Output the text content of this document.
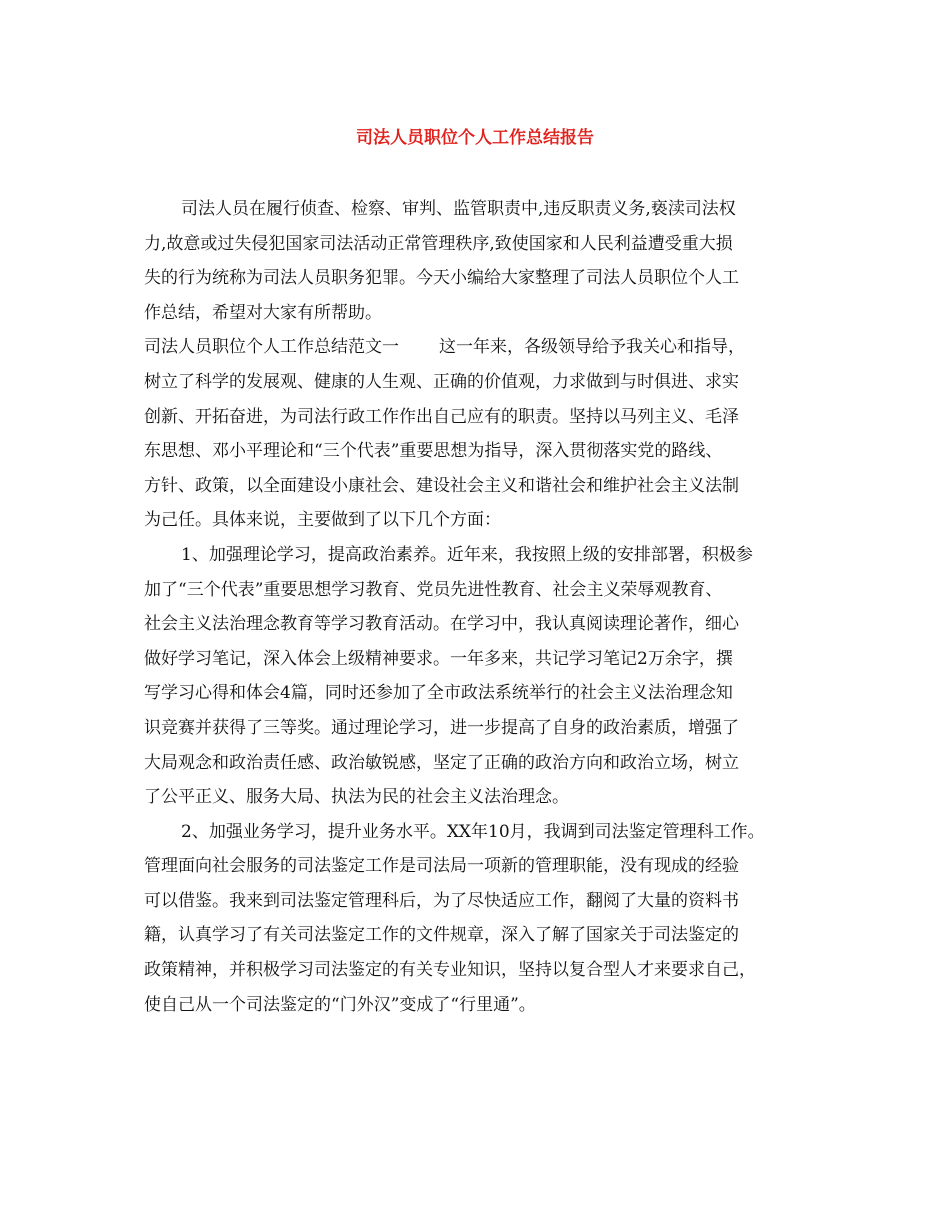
司法人员职位个人工作总结报告
司法人员在履行侦查、检察、审判、监管职责中,违反职责义务,亵渎司法权
力,故意或过失侵犯国家司法活动正常管理秩序,致使国家和人民利益遭受重大损
失的行为统称为司法人员职务犯罪。今天小编给大家整理了司法人员职位个人工
作总结，希望对大家有所帮助。
司法人员职位个人工作总结范文一 这一年来，各级领导给予我关心和指导，
树立了科学的发展观、健康的人生观、正确的价值观，力求做到与时俱进、求实
创新、开拓奋进，为司法行政工作作出自己应有的职责。坚持以马列主义、毛泽
东思想、邓小平理论和“三个代表”重要思想为指导，深入贯彻落实党的路线、
方针、政策，以全面建设小康社会、建设社会主义和谐社会和维护社会主义法制
为己任。具体来说，主要做到了以下几个方面：
1、加强理论学习，提高政治素养。近年来，我按照上级的安排部署，积极参
加了“三个代表”重要思想学习教育、党员先进性教育、社会主义荣辱观教育、
社会主义法治理念教育等学习教育活动。在学习中，我认真阅读理论著作，细心
做好学习笔记，深入体会上级精神要求。一年多来，共记学习笔记2万余字，撰
写学习心得和体会4篇，同时还参加了全市政法系统举行的社会主义法治理念知
识竞赛并获得了三等奖。通过理论学习，进一步提高了自身的政治素质，增强了
大局观念和政治责任感、政治敏锐感，坚定了正确的政治方向和政治立场，树立
了公平正义、服务大局、执法为民的社会主义法治理念。
2、加强业务学习，提升业务水平。XX年10月，我调到司法鉴定管理科工作。
管理面向社会服务的司法鉴定工作是司法局一项新的管理职能，没有现成的经验
可以借鉴。我来到司法鉴定管理科后，为了尽快适应工作，翻阅了大量的资料书
籍，认真学习了有关司法鉴定工作的文件规章，深入了解了国家关于司法鉴定的
政策精神，并积极学习司法鉴定的有关专业知识，坚持以复合型人才来要求自己，
使自己从一个司法鉴定的“门外汉”变成了“行里通”。
